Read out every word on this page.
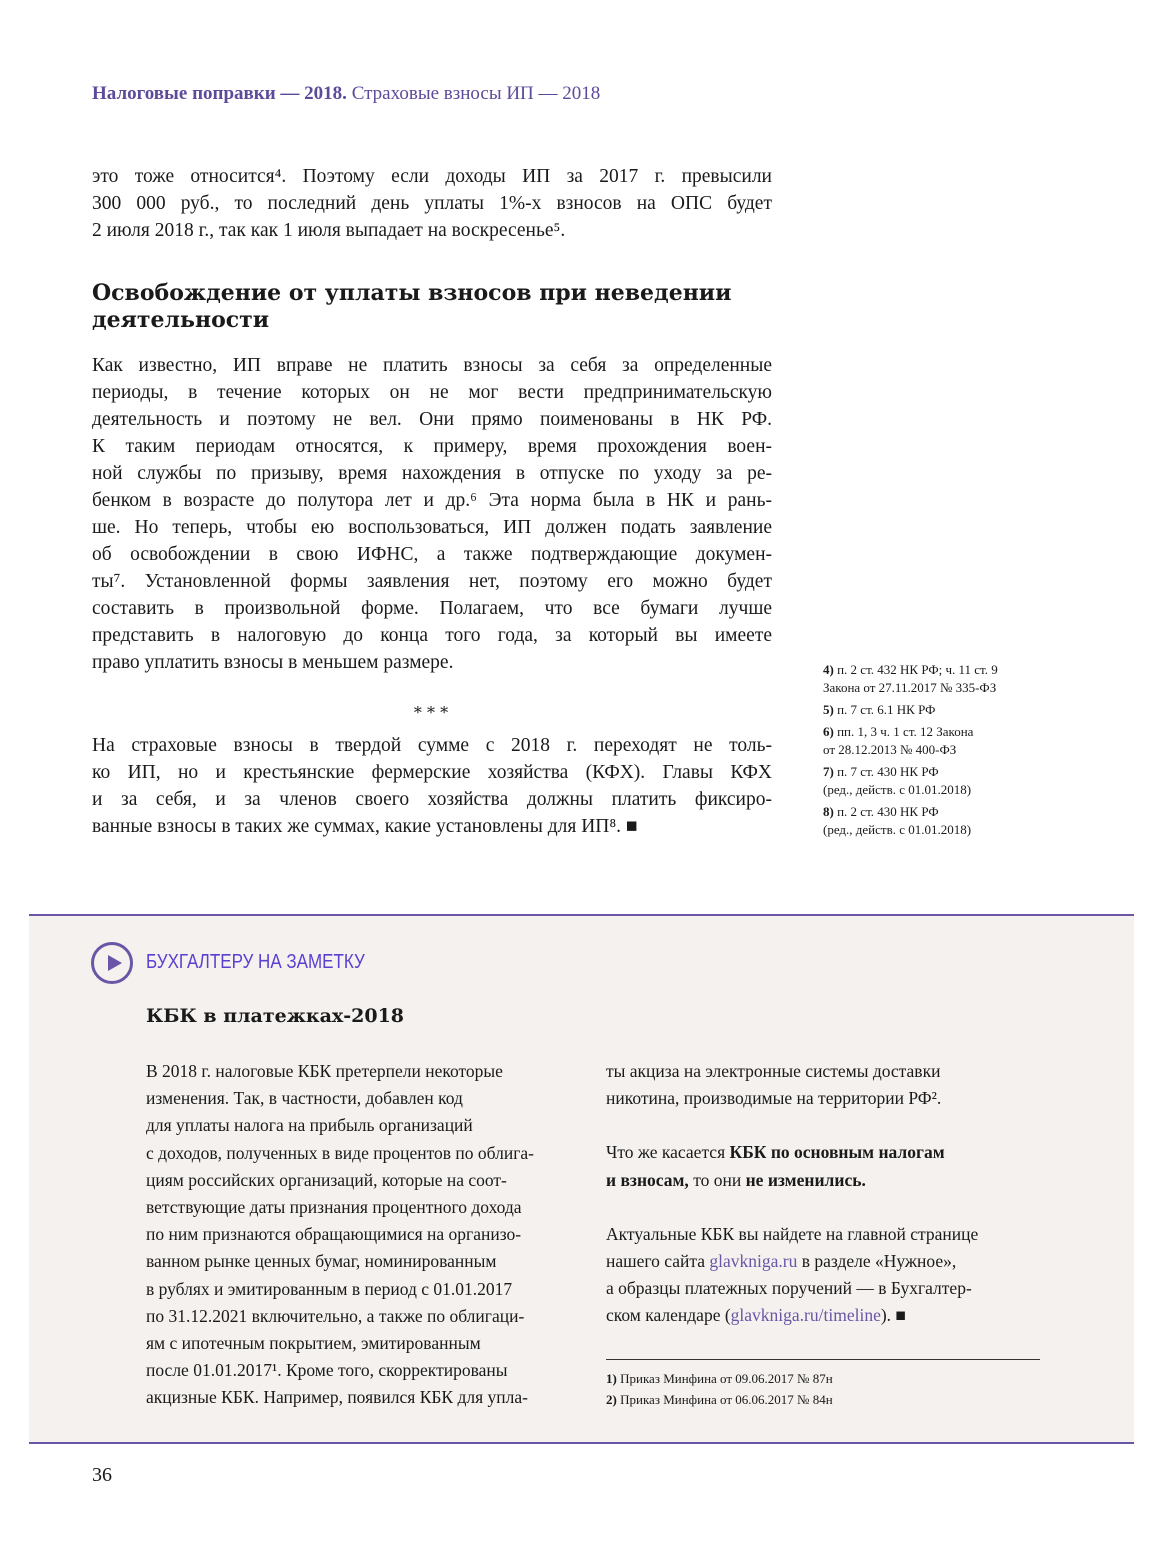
Налоговые поправки — 2018. Страховые взносы ИП — 2018
это тоже относится⁴. Поэтому если доходы ИП за 2017 г. превысили
300 000 руб., то последний день уплаты 1%-х взносов на ОПС будет
2 июля 2018 г., так как 1 июля выпадает на воскресенье⁵.
Освобождение от уплаты взносов при неведении
деятельности
Как известно, ИП вправе не платить взносы за себя за определенные
периоды, в течение которых он не мог вести предпринимательскую
деятельность и поэтому не вел. Они прямо поименованы в НК РФ.
К таким периодам относятся, к примеру, время прохождения воен-
ной службы по призыву, время нахождения в отпуске по уходу за ре-
бенком в возрасте до полутора лет и др.⁶ Эта норма была в НК и рань-
ше. Но теперь, чтобы ею воспользоваться, ИП должен подать заявление
об освобождении в свою ИФНС, а также подтверждающие докумен-
ты⁷. Установленной формы заявления нет, поэтому его можно будет
составить в произвольной форме. Полагаем, что все бумаги лучше
представить в налоговую до конца того года, за который вы имеете
право уплатить взносы в меньшем размере.
* * *
На страховые взносы в твердой сумме с 2018 г. переходят не толь-
ко ИП, но и крестьянские фермерские хозяйства (КФХ). Главы КФХ
и за себя, и за членов своего хозяйства должны платить фиксиро-
ванные взносы в таких же суммах, какие установлены для ИП⁸. ■
4) п. 2 ст. 432 НК РФ; ч. 11 ст. 9
Закона от 27.11.2017 № 335-ФЗ
5) п. 7 ст. 6.1 НК РФ
6) пп. 1, 3 ч. 1 ст. 12 Закона
от 28.12.2013 № 400-ФЗ
7) п. 7 ст. 430 НК РФ
(ред., действ. с 01.01.2018)
8) п. 2 ст. 430 НК РФ
(ред., действ. с 01.01.2018)
БУХГАЛТЕРУ НА ЗАМЕТКУ
КБК в платежках-2018
В 2018 г. налоговые КБК претерпели некоторые
изменения. Так, в частности, добавлен код
для уплаты налога на прибыль организаций
с доходов, полученных в виде процентов по облига-
циям российских организаций, которые на соот-
ветствующие даты признания процентного дохода
по ним признаются обращающимися на организо-
ванном рынке ценных бумаг, номинированным
в рублях и эмитированным в период с 01.01.2017
по 31.12.2021 включительно, а также по облигаци-
ям с ипотечным покрытием, эмитированным
после 01.01.2017¹. Кроме того, скорректированы
акцизные КБК. Например, появился КБК для упла-
ты акциза на электронные системы доставки
никотина, производимые на территории РФ².
Что же касается КБК по основным налогам
и взносам, то они не изменились.
Актуальные КБК вы найдете на главной странице
нашего сайта glavkniga.ru в разделе «Нужное»,
а образцы платежных поручений — в Бухгалтер-
ском календаре (glavkniga.ru/timeline). ■
1) Приказ Минфина от 09.06.2017 № 87н
2) Приказ Минфина от 06.06.2017 № 84н
36
